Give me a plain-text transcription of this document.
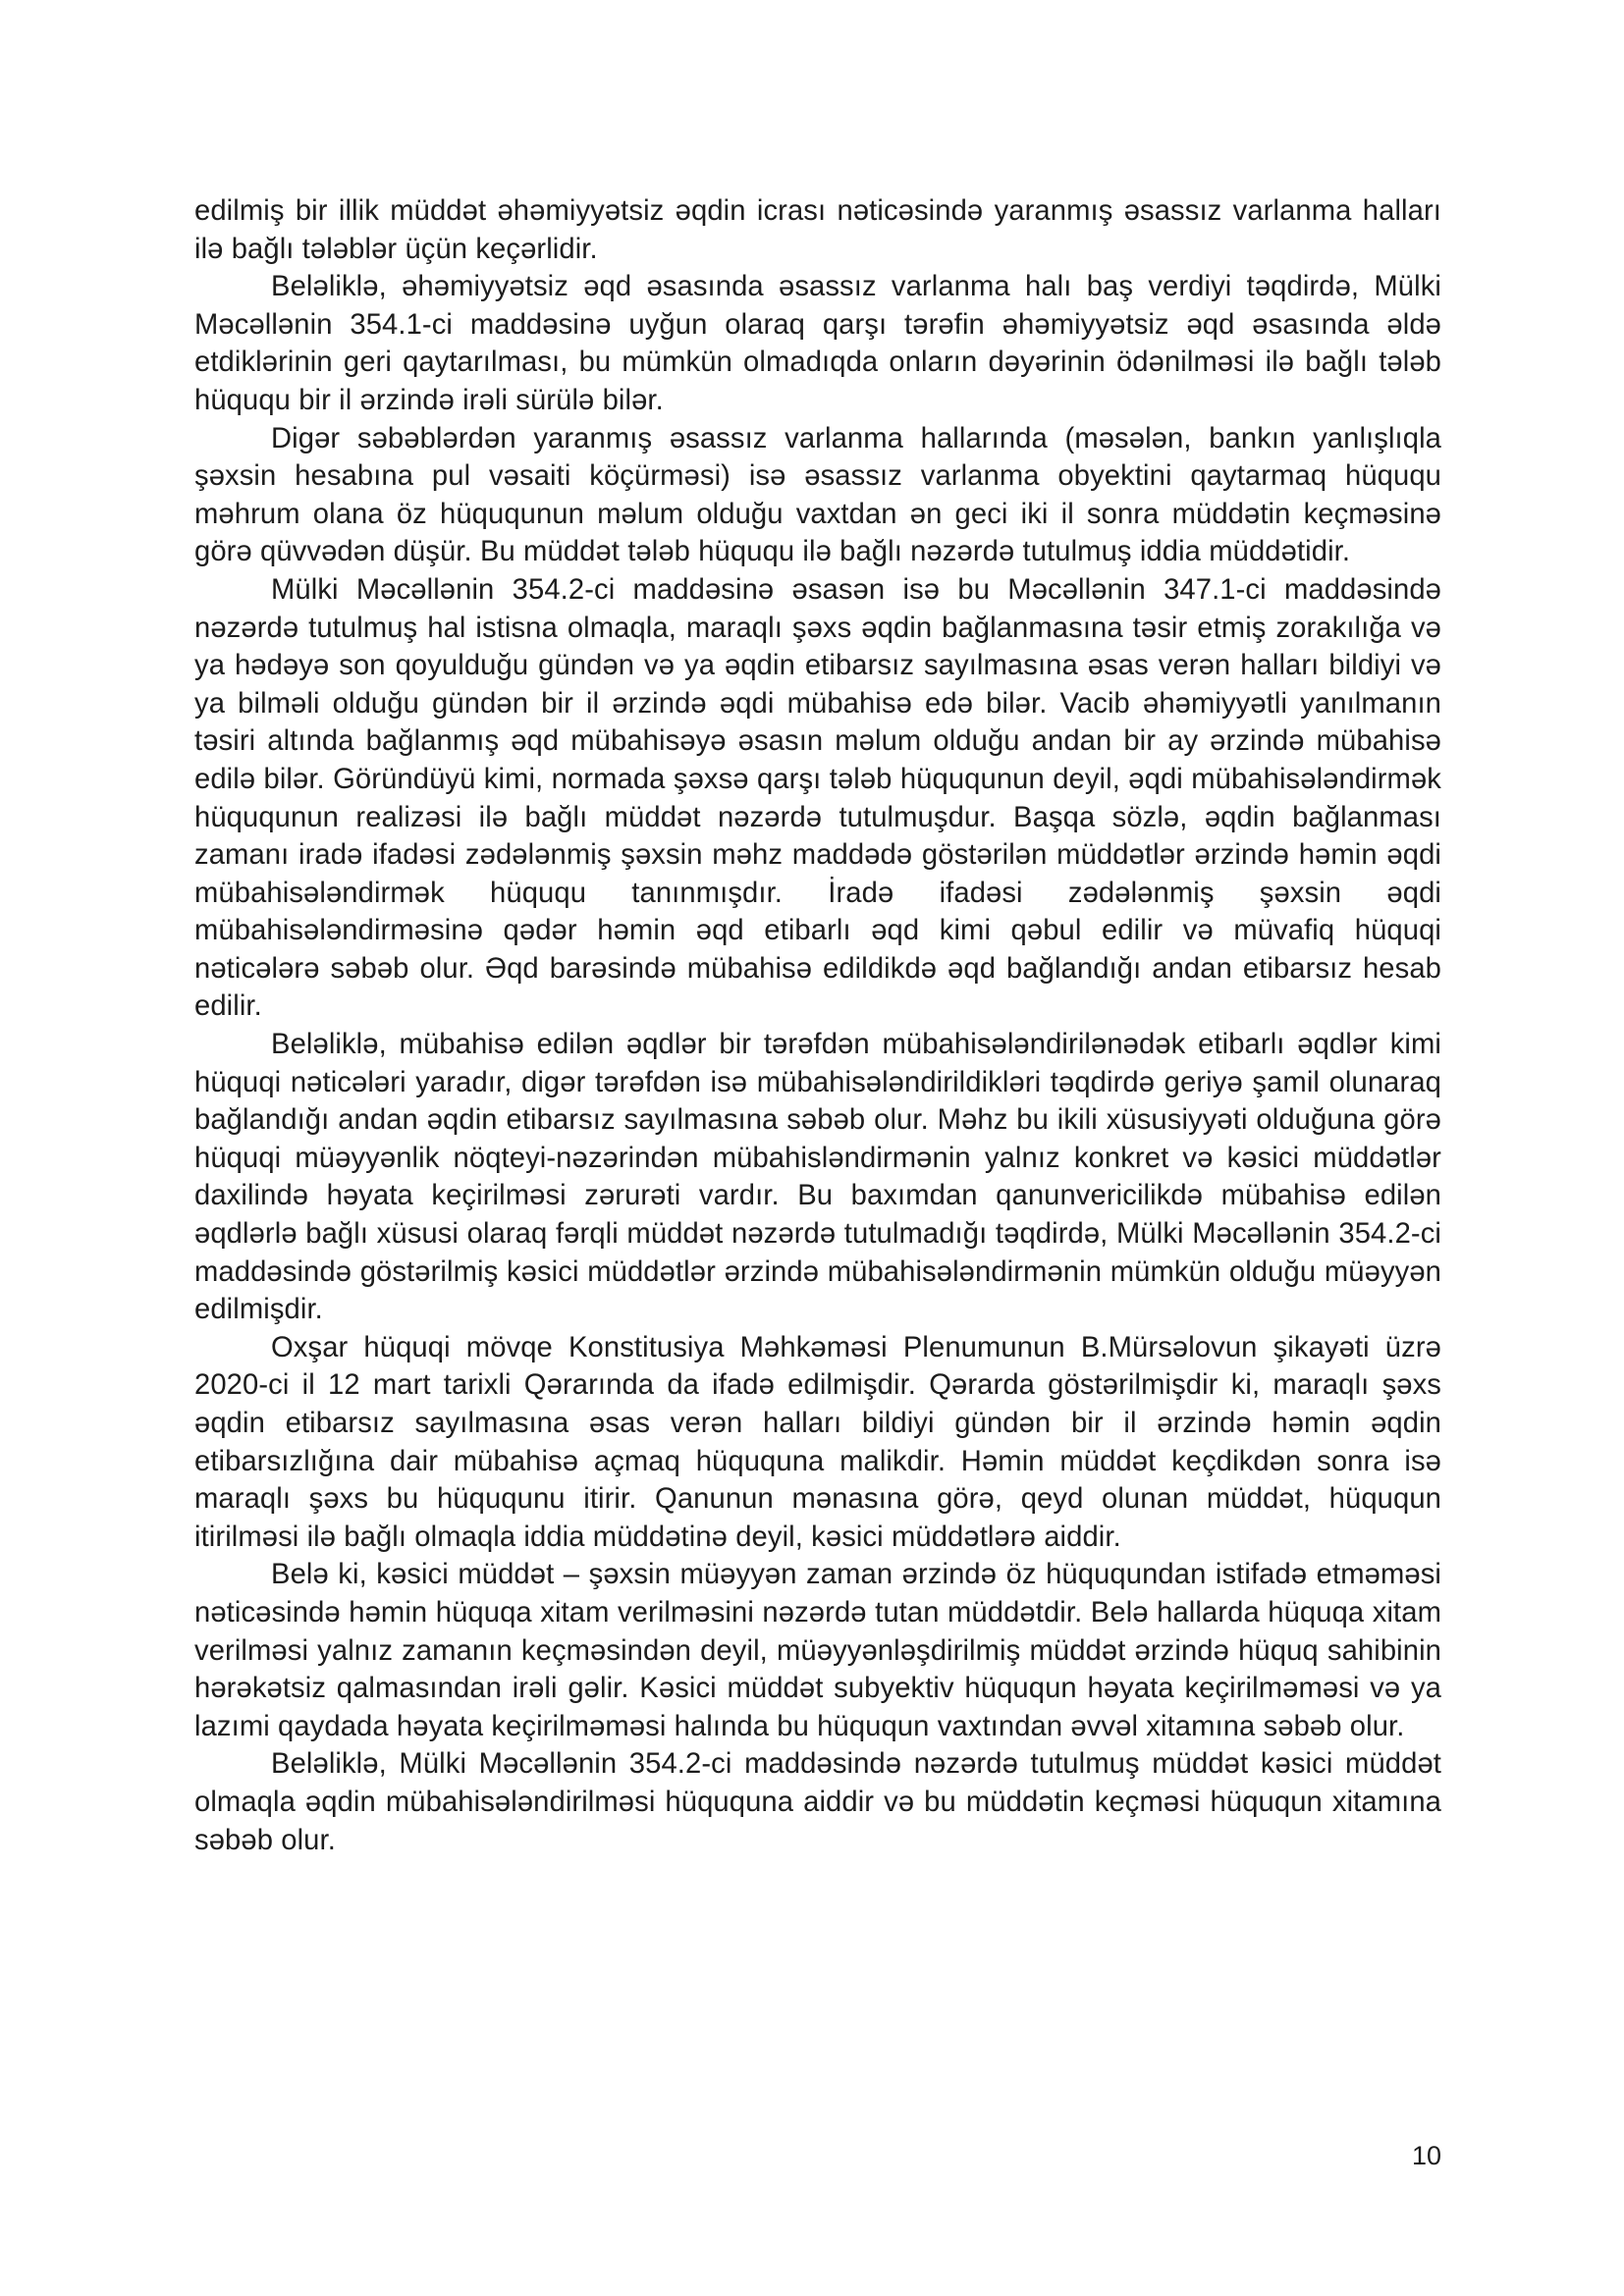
edilmiş bir illik müddət əhəmiyyətsiz əqdin icrası nəticəsində yaranmış əsassız varlanma halları ilə bağlı tələblər üçün keçərlidir.

Beləliklə, əhəmiyyətsiz əqd əsasında əsassız varlanma halı baş verdiyi təqdirdə, Mülki Məcəllənin 354.1-ci maddəsinə uyğun olaraq qarşı tərəfin əhəmiyyətsiz əqd əsasında əldə etdiklərinin geri qaytarılması, bu mümkün olmadıqda onların dəyərinin ödənilməsi ilə bağlı tələb hüququ bir il ərzində irəli sürülə bilər.

Digər səbəblərdən yaranmış əsassız varlanma hallarında (məsələn, bankın yanlışlıqla şəxsin hesabına pul vəsaiti köçürməsi) isə əsassız varlanma obyektini qaytarmaq hüququ məhrum olana öz hüququnun məlum olduğu vaxtdan ən geci iki il sonra müddətin keçməsinə görə qüvvədən düşür. Bu müddət tələb hüququ ilə bağlı nəzərdə tutulmuş iddia müddətidir.

Mülki Məcəllənin 354.2-ci maddəsinə əsasən isə bu Məcəllənin 347.1-ci maddəsində nəzərdə tutulmuş hal istisna olmaqla, maraqlı şəxs əqdin bağlanmasına təsir etmiş zorakılığa və ya hədəyə son qoyulduğu gündən və ya əqdin etibarsız sayılmasına əsas verən halları bildiyi və ya bilməli olduğu gündən bir il ərzində əqdi mübahisə edə bilər. Vacib əhəmiyyətli yanılmanın təsiri altında bağlanmış əqd mübahisəyə əsasın məlum olduğu andan bir ay ərzində mübahisə edilə bilər. Göründüyü kimi, normada şəxsə qarşı tələb hüququnun deyil, əqdi mübahisələndirmək hüququnun realizəsi ilə bağlı müddət nəzərdə tutulmuşdur. Başqa sözlə, əqdin bağlanması zamanı iradə ifadəsi zədələnmiş şəxsin məhz maddədə göstərilən müddətlər ərzində həmin əqdi mübahisələndirmək hüququ tanınmışdır. İradə ifadəsi zədələnmiş şəxsin əqdi mübahisələndirməsinə qədər həmin əqd etibarlı əqd kimi qəbul edilir və müvafiq hüquqi nəticələrə səbəb olur. Əqd barəsində mübahisə edildikdə əqd bağlandığı andan etibarsız hesab edilir.

Beləliklə, mübahisə edilən əqdlər bir tərəfdən mübahisələndirilənədək etibarlı əqdlər kimi hüquqi nəticələri yaradır, digər tərəfdən isə mübahisələndirildikləri təqdirdə geriyə şamil olunaraq bağlandığı andan əqdin etibarsız sayılmasına səbəb olur. Məhz bu ikili xüsusiyyəti olduğuna görə hüquqi müəyyənlik nöqteyi-nəzərindən mübahislәndirmənin yalnız konkret və kəsici müddətlər daxilində həyata keçirilməsi zərurəti vardır. Bu baxımdan qanunvericilikdə mübahisə edilən əqdlərlə bağlı xüsusi olaraq fərqli müddət nəzərdə tutulmadığı təqdirdə, Mülki Məcəllənin 354.2-ci maddəsində göstərilmiş kəsici müddətlər ərzində mübahisələndirmənin mümkün olduğu müəyyən edilmişdir.

Oxşar hüquqi mövqe Konstitusiya Məhkəməsi Plenumunun B.Mürsəlovun şikayəti üzrə 2020-ci il 12 mart tarixli Qərarında da ifadə edilmişdir. Qərarda göstərilmişdir ki, maraqlı şəxs əqdin etibarsız sayılmasına əsas verən halları bildiyi gündən bir il ərzində həmin əqdin etibarsızlığına dair mübahisə açmaq hüququna malikdir. Həmin müddət keçdikdən sonra isə maraqlı şəxs bu hüququnu itirir. Qanunun mənasına görə, qeyd olunan müddət, hüququn itirilməsi ilə bağlı olmaqla iddia müddətinə deyil, kəsici müddətlərə aiddir.

Belə ki, kəsici müddət – şəxsin müəyyən zaman ərzində öz hüququndan istifadə etməməsi nəticəsində həmin hüquqa xitam verilməsini nəzərdə tutan müddətdir. Belə hallarda hüquqa xitam verilməsi yalnız zamanın keçməsindən deyil, müəyyənləşdirilmiş müddət ərzində hüquq sahibinin hərəkətsiz qalmasından irəli gəlir. Kəsici müddət subyektiv hüququn həyata keçirilməməsi və ya lazımi qaydada həyata keçirilməməsi halında bu hüququn vaxtından əvvəl xitamına səbəb olur.

Beləliklə, Mülki Məcəllənin 354.2-ci maddəsində nəzərdə tutulmuş müddət kəsici müddət olmaqla əqdin mübahisələndirilməsi hüququna aiddir və bu müddətin keçməsi hüququn xitamına səbəb olur.

10
